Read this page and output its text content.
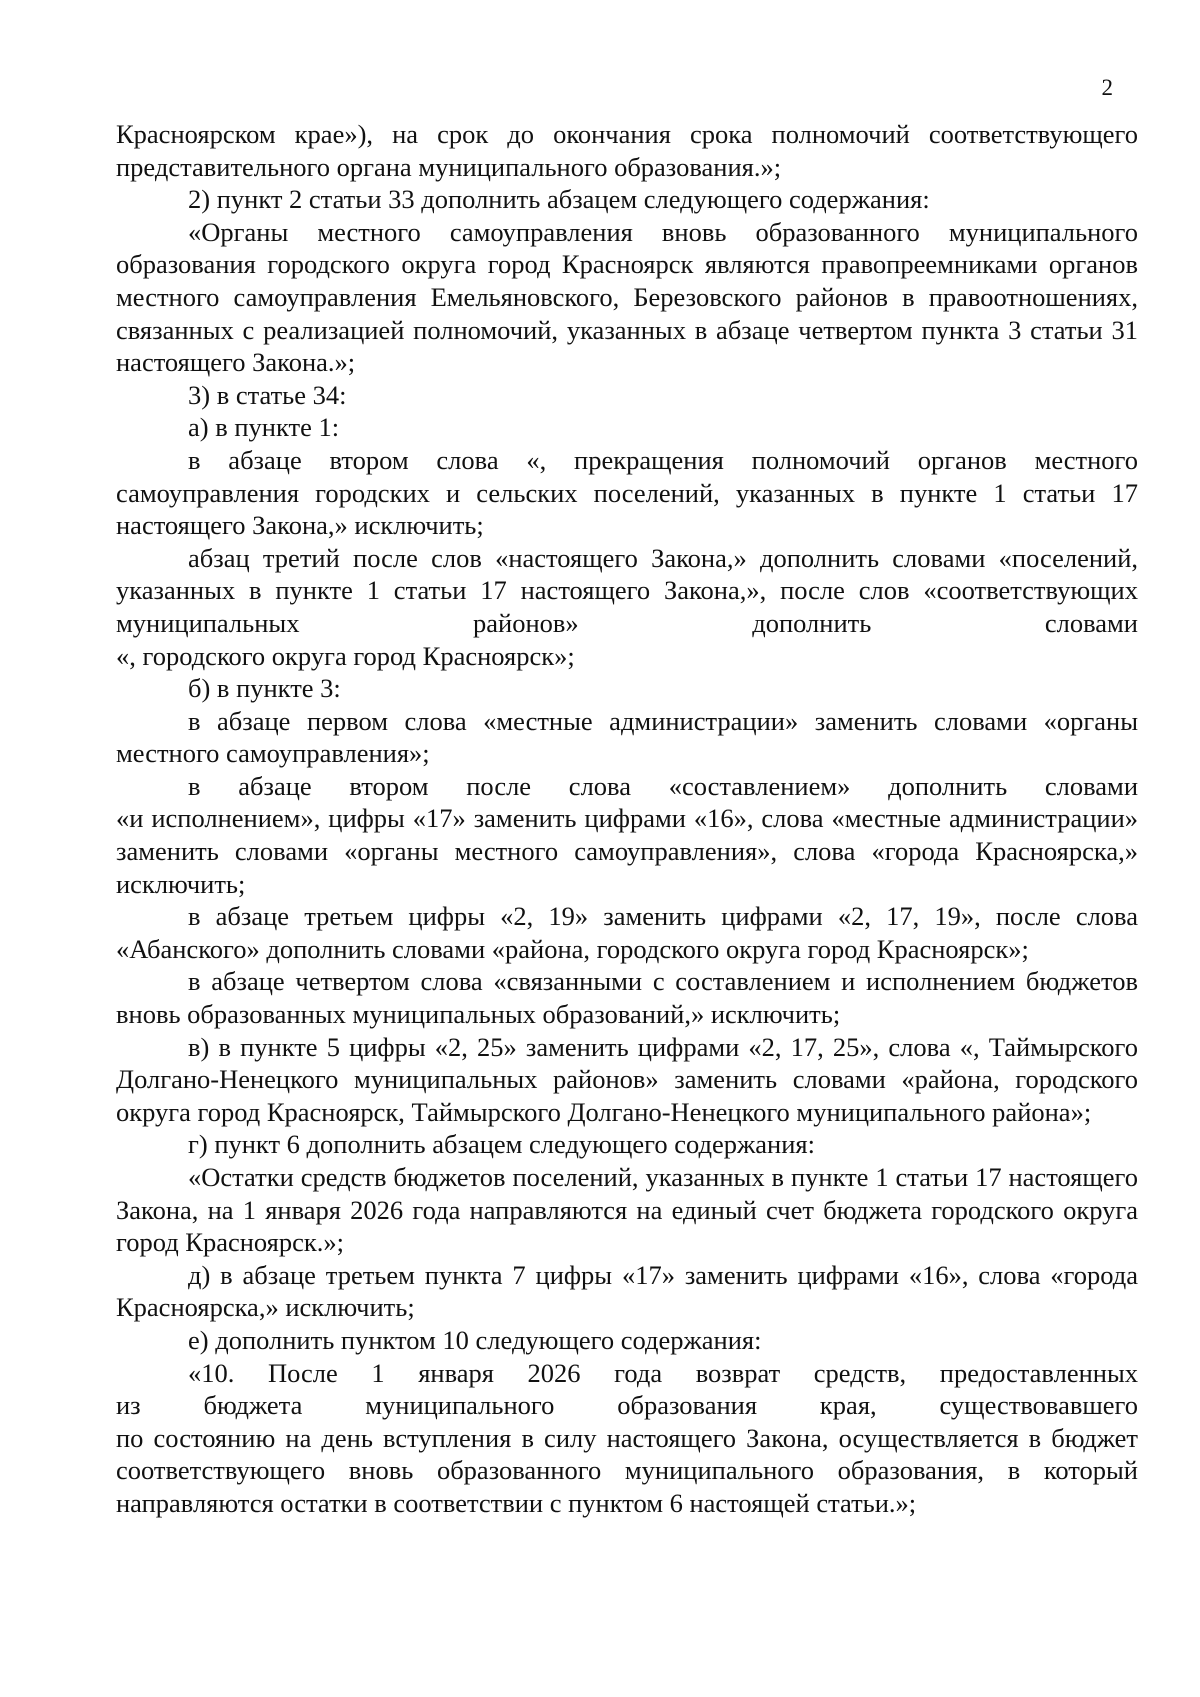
2

Красноярском крае»), на срок до окончания срока полномочий соответствующего представительного органа муниципального образования.»;

2) пункт 2 статьи 33 дополнить абзацем следующего содержания:

«Органы местного самоуправления вновь образованного муниципального образования городского округа город Красноярск являются правопреемниками органов местного самоуправления Емельяновского, Березовского районов в правоотношениях, связанных с реализацией полномочий, указанных в абзаце четвертом пункта 3 статьи 31 настоящего Закона.»;

3) в статье 34:

а) в пункте 1:

в абзаце втором слова «, прекращения полномочий органов местного самоуправления городских и сельских поселений, указанных в пункте 1 статьи 17 настоящего Закона,» исключить;

абзац третий после слов «настоящего Закона,» дополнить словами «поселений, указанных в пункте 1 статьи 17 настоящего Закона,», после слов «соответствующих муниципальных районов» дополнить словами

«, городского округа город Красноярск»;

б) в пункте 3:

в абзаце первом слова «местные администрации» заменить словами «органы местного самоуправления»;

в абзаце втором после слова «составлением» дополнить словами

«и исполнением», цифры «17» заменить цифрами «16», слова «местные администрации» заменить словами «органы местного самоуправления», слова «города Красноярска,» исключить;

в абзаце третьем цифры «2, 19» заменить цифрами «2, 17, 19», после слова «Абанского» дополнить словами «района, городского округа город Красноярск»;

в абзаце четвертом слова «связанными с составлением и исполнением бюджетов вновь образованных муниципальных образований,» исключить;

в) в пункте 5 цифры «2, 25» заменить цифрами «2, 17, 25», слова «, Таймырского Долгано-Ненецкого муниципальных районов» заменить словами «района, городского округа город Красноярск, Таймырского Долгано-Ненецкого муниципального района»;

г) пункт 6 дополнить абзацем следующего содержания:

«Остатки средств бюджетов поселений, указанных в пункте 1 статьи 17 настоящего Закона, на 1 января 2026 года направляются на единый счет бюджета городского округа город Красноярск.»;

д) в абзаце третьем пункта 7 цифры «17» заменить цифрами «16», слова «города Красноярска,» исключить;

е) дополнить пунктом 10 следующего содержания:

«10. После 1 января 2026 года возврат средств, предоставленных

из бюджета муниципального образования края, существовавшего

по состоянию на день вступления в силу настоящего Закона, осуществляется в бюджет соответствующего вновь образованного муниципального образования, в который направляются остатки в соответствии с пунктом 6 настоящей статьи.»;
